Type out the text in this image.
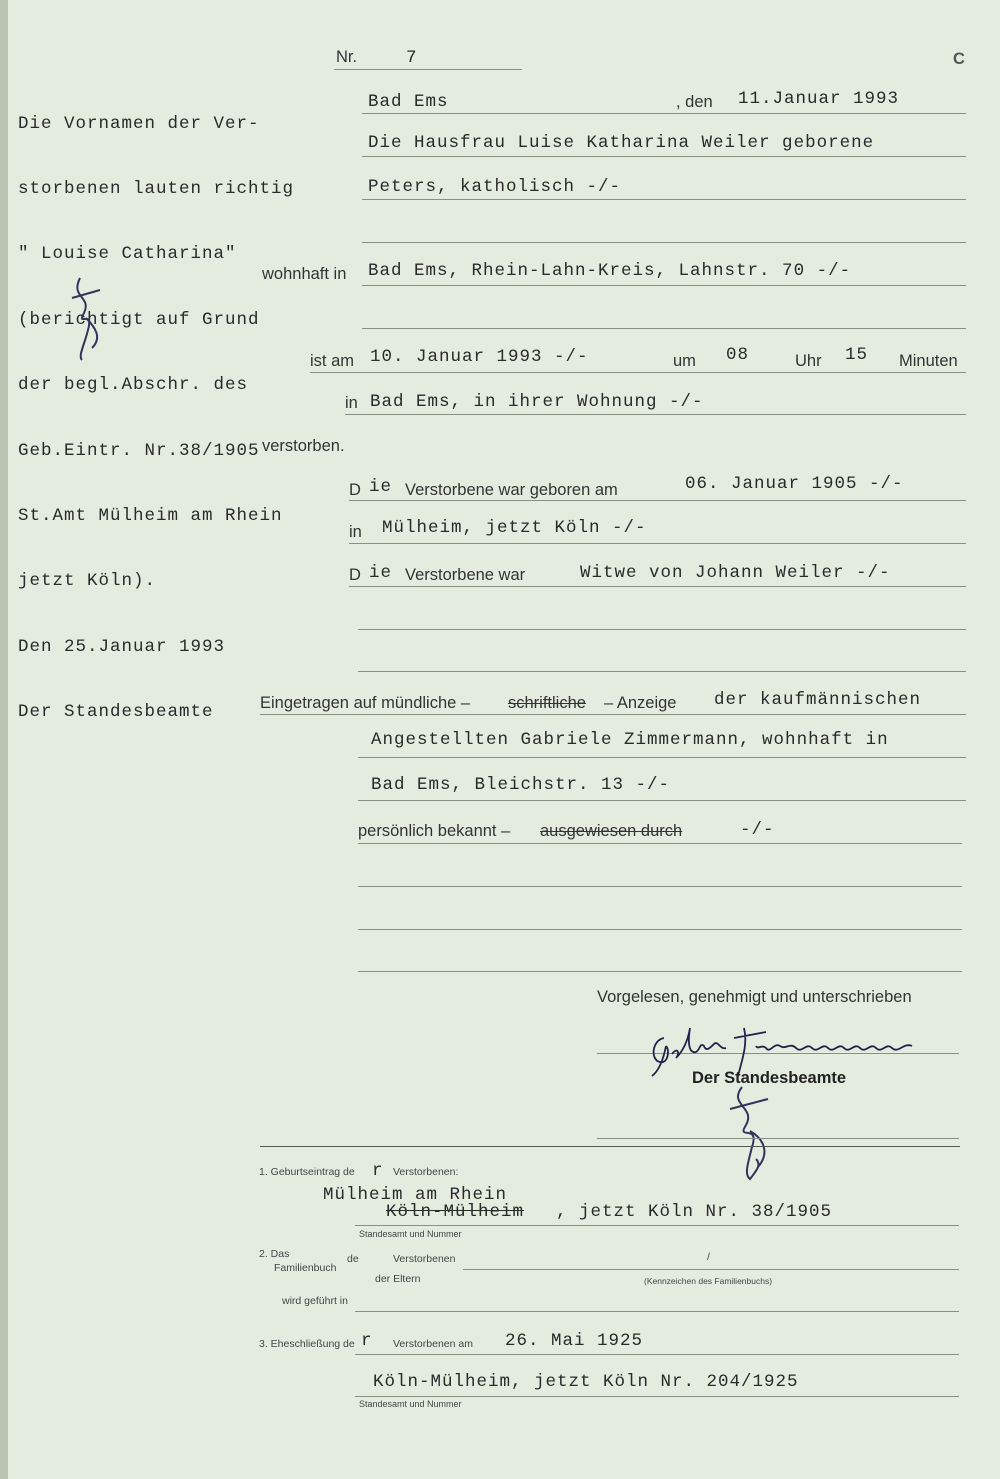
Nr.	7	C

Die Vornamen der Ver-

storbenen lauten richtig

" Louise Catharina"

(berichtigt auf Grund

der begl.Abschr. des

Geb.Eintr. Nr.38/1905

St.Amt Mülheim am Rhein

jetzt Köln).

Den 25.Januar 1993

Der Standesbeamte

Bad Ems	, den 11.Januar 1993
Die Hausfrau Luise Katharina Weiler geborene
Peters, katholisch -/-
wohnhaft in Bad Ems, Rhein-Lahn-Kreis, Lahnstr. 70 -/-
ist am 10. Januar 1993 -/-	um 08	Uhr 15 Minuten
in Bad Ems, in ihrer Wohnung -/-
verstorben.
D ie Verstorbene war geboren am	06. Januar 1905 -/-
in Mülheim, jetzt Köln -/-
D ie Verstorbene war	Witwe von Johann Weiler -/-
Eingetragen auf mündliche – schriftliche – Anzeige der kaufmännischen
Angestellten Gabriele Zimmermann, wohnhaft in
Bad Ems, Bleichstr. 13 -/-
persönlich bekannt – ausgewiesen durch	-/-
Vorgelesen, genehmigt und unterschrieben
Der Standesbeamte
1. Geburtseintrag de r Verstorbenen:
Mülheim am Rhein
Köln-Mülheim , jetzt Köln Nr. 38/1905
Standesamt und Nummer
2. Das
Familienbuch
de	Verstorbenen
der Eltern
/
(Kennzeichen des Familienbuchs)
wird geführt in
3. Eheschließung de r Verstorbenen am 26. Mai 1925
Köln-Mülheim, jetzt Köln Nr. 204/1925
Standesamt und Nummer
